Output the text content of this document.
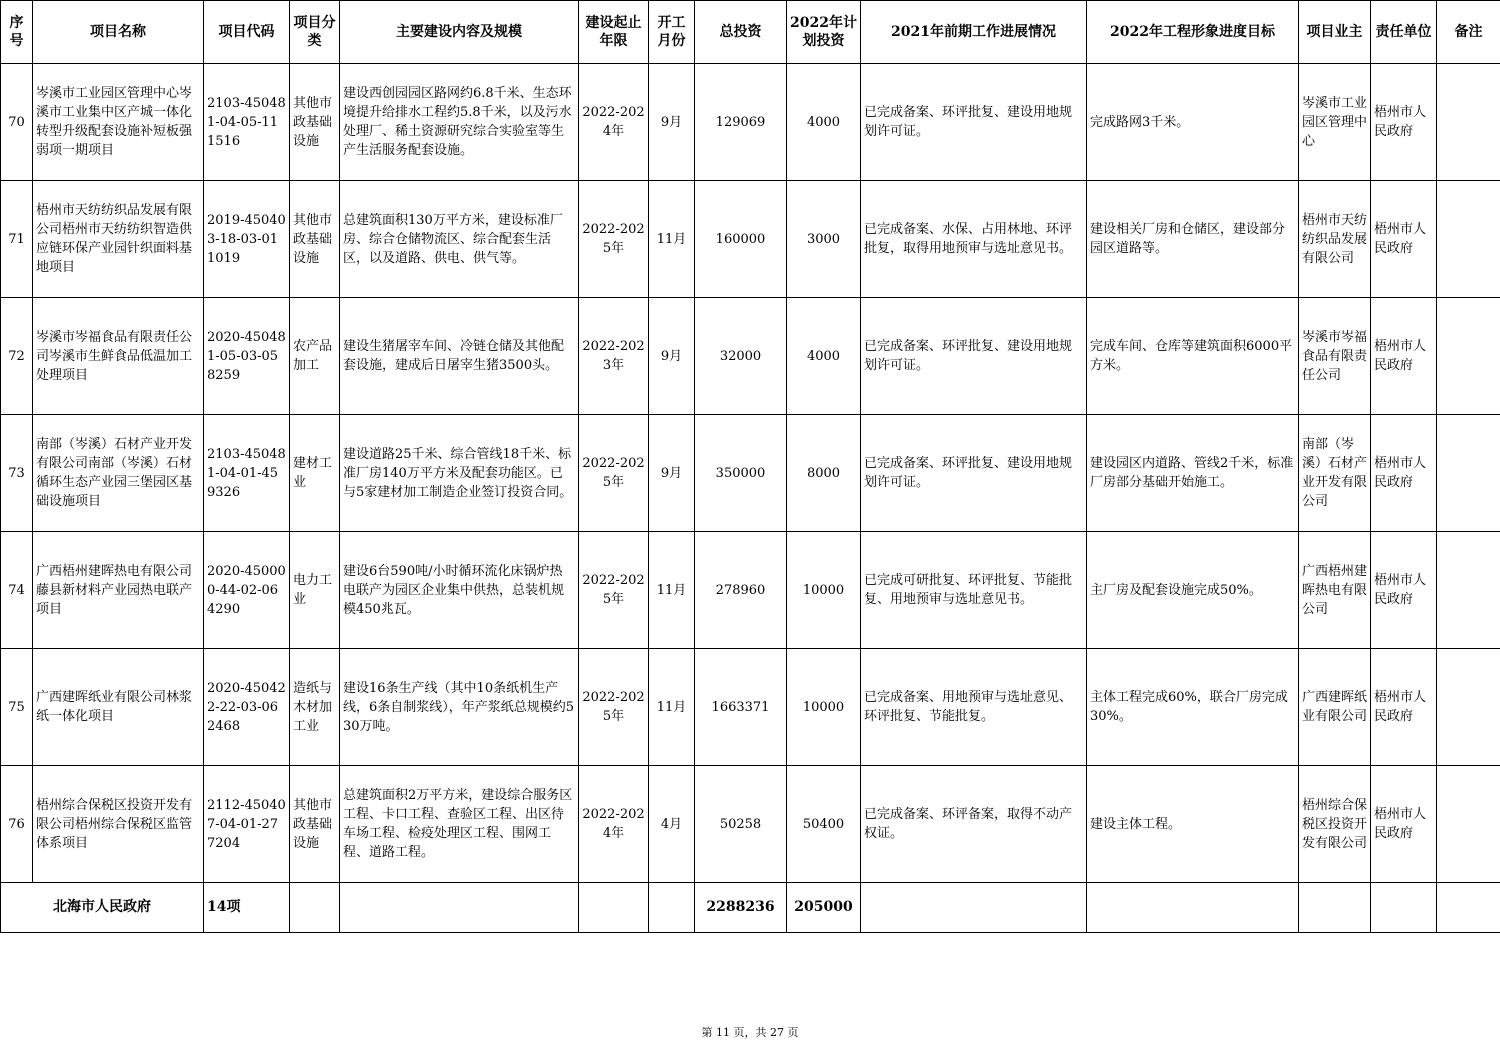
序号	项目名称	项目代码	项目分类	主要建设内容及规模	建设起止年限	开工月份	总投资	2022年计划投资	2021年前期工作进展情况	2022年工程形象进度目标	项目业主	责任单位	备注
70	岑溪市工业园区管理中心岑溪市工业集中区产城一体化转型升级配套设施补短板强弱项一期项目	2103-450481-04-05-111516	其他市政基础设施	建设西创园园区路网约6.8千米、生态环境提升给排水工程约5.8千米，以及污水处理厂、稀土资源研究综合实验室等生产生活服务配套设施。	2022-2024年	9月	129069	4000	已完成备案、环评批复、建设用地规划许可证。	完成路网3千米。	岑溪市工业园区管理中心	梧州市人民政府	
71	梧州市天纺纺织品发展有限公司梧州市天纺纺织智造供应链环保产业园针织面料基地项目	2019-450403-18-03-011019	其他市政基础设施	总建筑面积130万平方米，建设标准厂房、综合仓储物流区、综合配套生活区，以及道路、供电、供气等。	2022-2025年	11月	160000	3000	已完成备案、水保、占用林地、环评批复，取得用地预审与选址意见书。	建设相关厂房和仓储区，建设部分园区道路等。	梧州市天纺纺织品发展有限公司	梧州市人民政府	
72	岑溪市岑福食品有限责任公司岑溪市生鲜食品低温加工处理项目	2020-450481-05-03-058259	农产品加工	建设生猪屠宰车间、冷链仓储及其他配套设施，建成后日屠宰生猪3500头。	2022-2023年	9月	32000	4000	已完成备案、环评批复、建设用地规划许可证。	完成车间、仓库等建筑面积6000平方米。	岑溪市岑福食品有限责任公司	梧州市人民政府	
73	南部（岑溪）石材产业开发有限公司南部（岑溪）石材循环生态产业园三堡园区基础设施项目	2103-450481-04-01-459326	建材工业	建设道路25千米、综合管线18千米、标准厂房140万平方米及配套功能区。已与5家建材加工制造企业签订投资合同。	2022-2025年	9月	350000	8000	已完成备案、环评批复、建设用地规划许可证。	建设园区内道路、管线2千米，标准厂房部分基础开始施工。	南部（岑溪）石材产业开发有限公司	梧州市人民政府	
74	广西梧州建晖热电有限公司藤县新材料产业园热电联产项目	2020-450000-44-02-064290	电力工业	建设6台590吨/小时循环流化床锅炉热电联产为园区企业集中供热，总装机规模450兆瓦。	2022-2025年	11月	278960	10000	已完成可研批复、环评批复、节能批复、用地预审与选址意见书。	主厂房及配套设施完成50%。	广西梧州建晖热电有限公司	梧州市人民政府	
75	广西建晖纸业有限公司林浆纸一体化项目	2020-450422-22-03-062468	造纸与木材加工业	建设16条生产线（其中10条纸机生产线，6条自制浆线），年产浆纸总规模约530万吨。	2022-2025年	11月	1663371	10000	已完成备案、用地预审与选址意见、环评批复、节能批复。	主体工程完成60%，联合厂房完成30%。	广西建晖纸业有限公司	梧州市人民政府	
76	梧州综合保税区投资开发有限公司梧州综合保税区监管体系项目	2112-450407-04-01-277204	其他市政基础设施	总建筑面积2万平方米，建设综合服务区工程、卡口工程、查验区工程、出区待车场工程、检疫处理区工程、围网工程、道路工程。	2022-2024年	4月	50258	50400	已完成备案、环评备案，取得不动产权证。	建设主体工程。	梧州综合保税区投资开发有限公司	梧州市人民政府	
北海市人民政府		14项					2288236	205000					
第 11 页，共 27 页
